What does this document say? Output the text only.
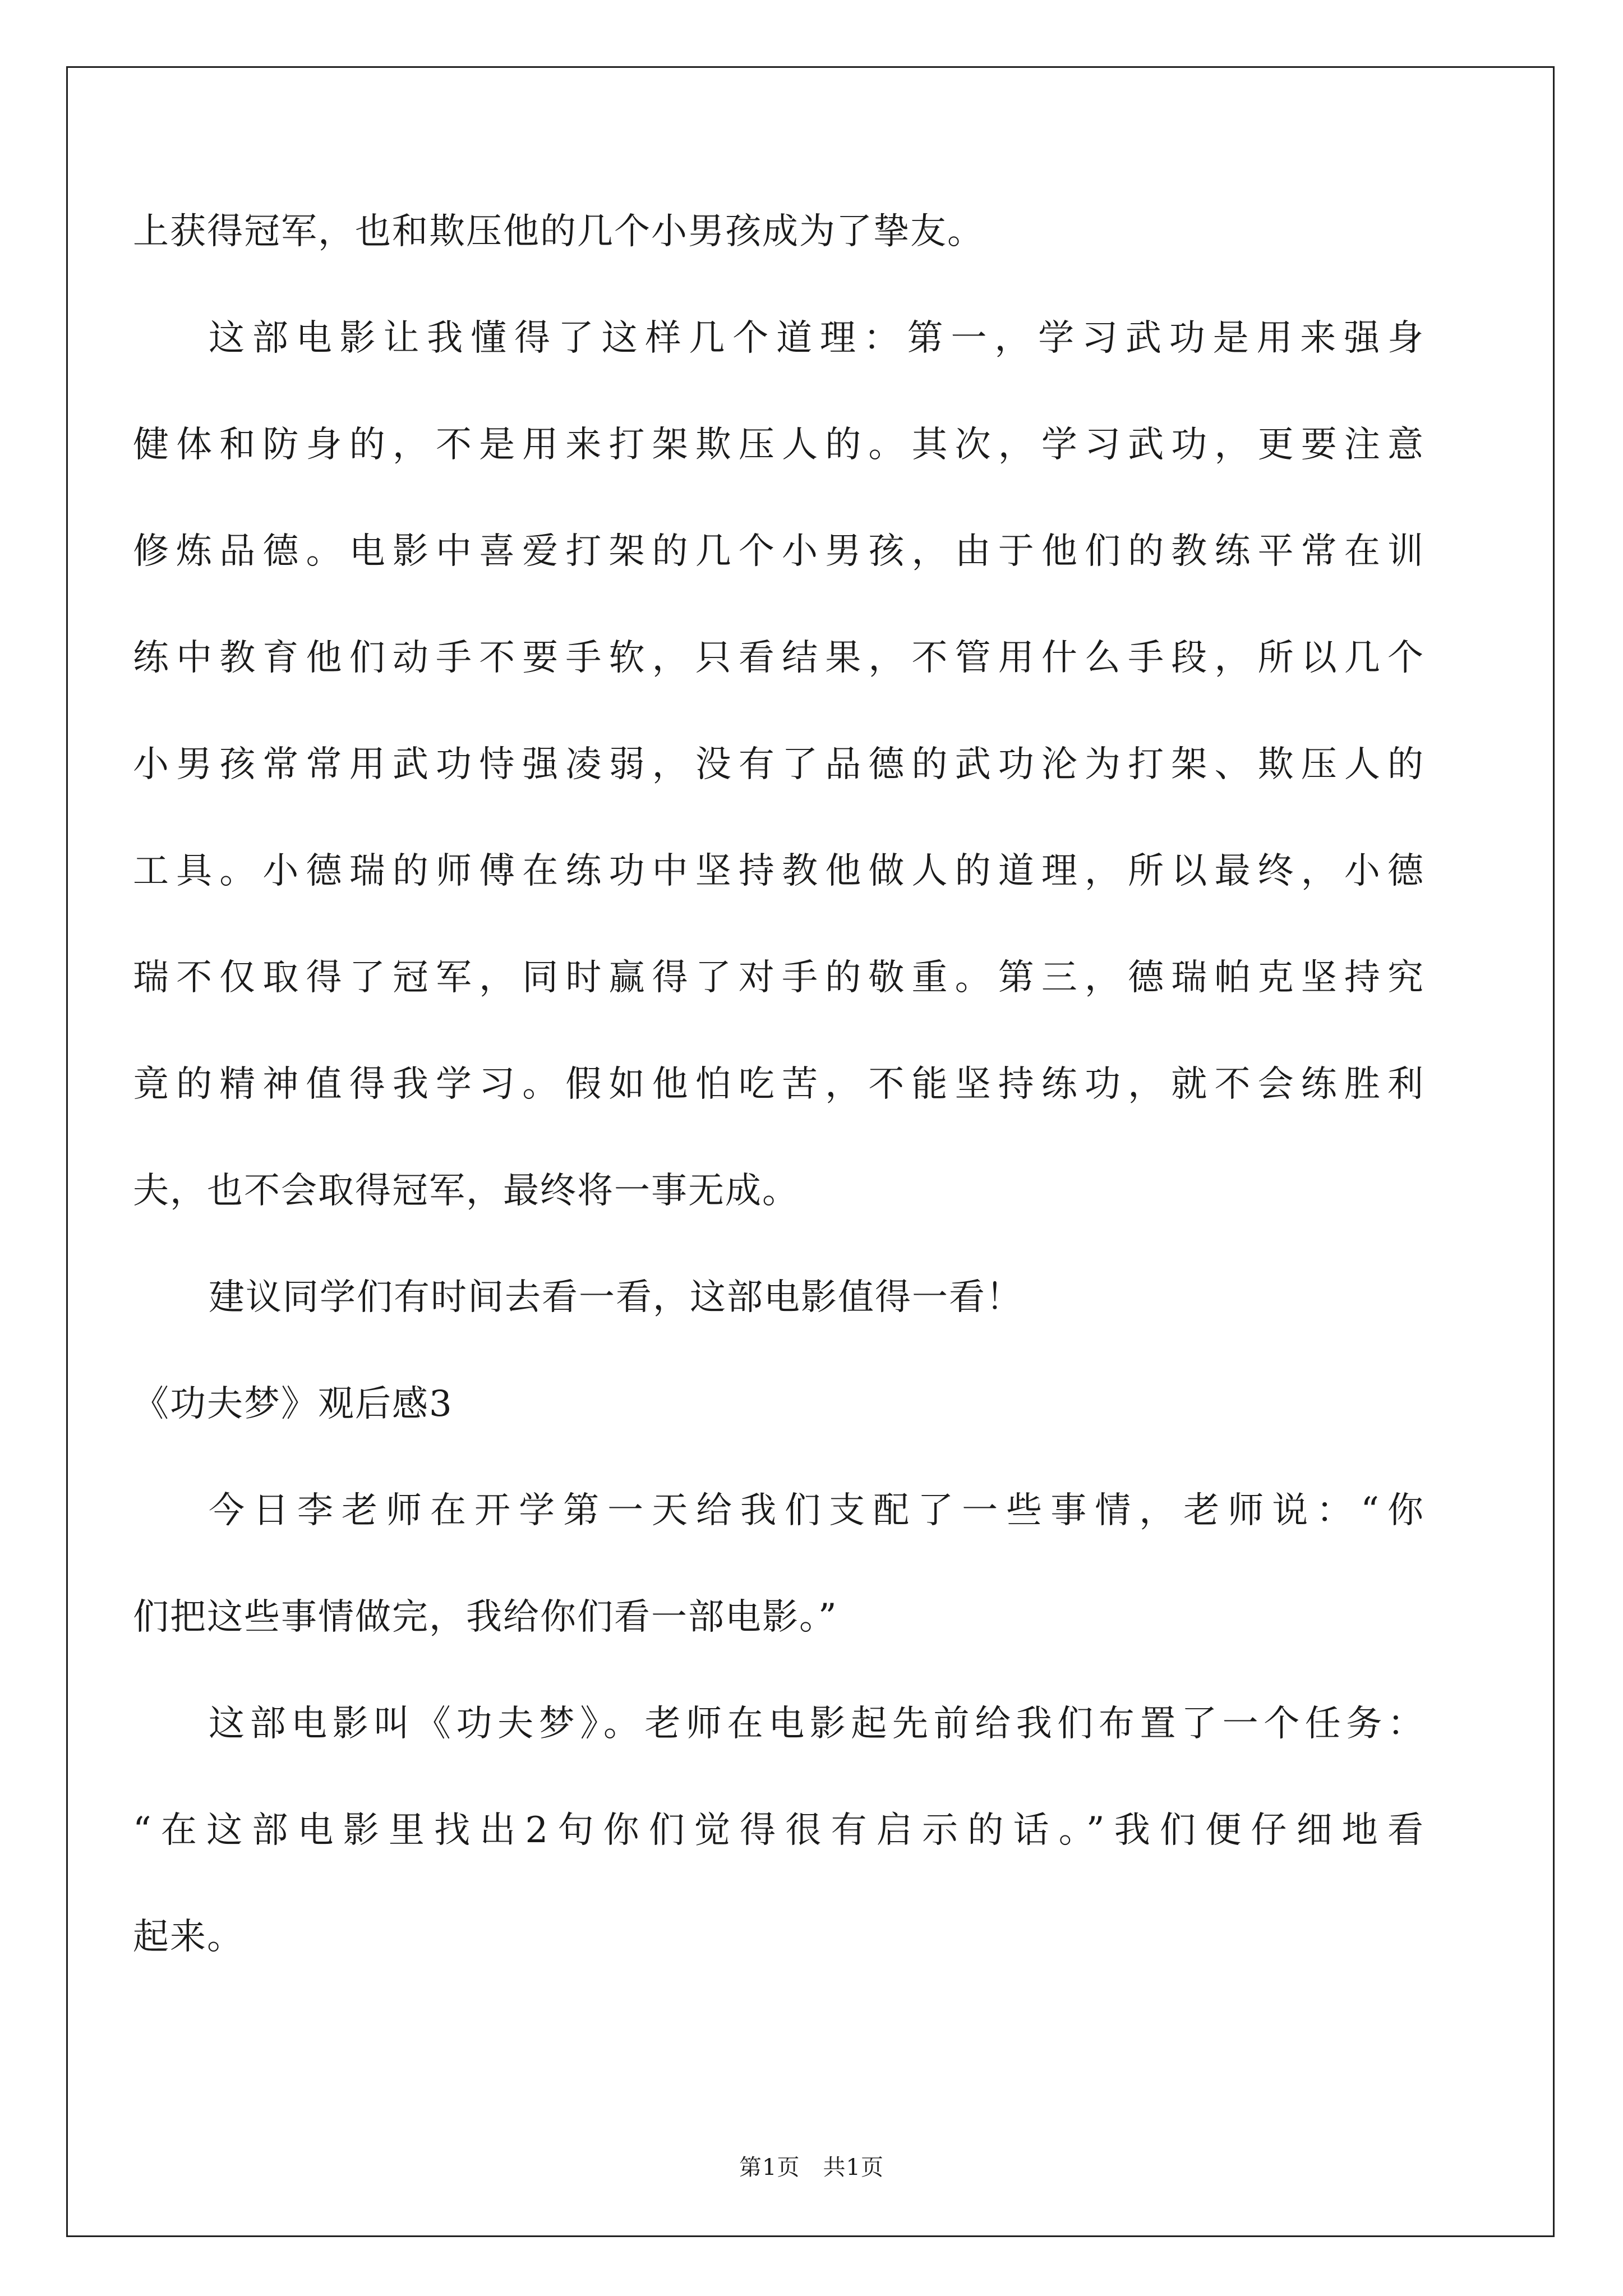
上获得冠军，也和欺压他的几个小男孩成为了挚友。
这部电影让我懂得了这样几个道理：第一，学习武功是用来强身
健体和防身的，不是用来打架欺压人的。其次，学习武功，更要注意
修炼品德。电影中喜爱打架的几个小男孩，由于他们的教练平常在训
练中教育他们动手不要手软，只看结果，不管用什么手段，所以几个
小男孩常常用武功恃强凌弱，没有了品德的武功沦为打架、欺压人的
工具。小德瑞的师傅在练功中坚持教他做人的道理，所以最终，小德
瑞不仅取得了冠军，同时赢得了对手的敬重。第三，德瑞帕克坚持究
竟的精神值得我学习。假如他怕吃苦，不能坚持练功，就不会练胜利
夫，也不会取得冠军，最终将一事无成。
建议同学们有时间去看一看，这部电影值得一看！
《功夫梦》观后感3
今日李老师在开学第一天给我们支配了一些事情，老师说：“你
们把这些事情做完，我给你们看一部电影。”
这部电影叫《功夫梦》。老师在电影起先前给我们布置了一个任务：
“在这部电影里找出2句你们觉得很有启示的话。”我们便仔细地看
起来。
第1页　共1页
